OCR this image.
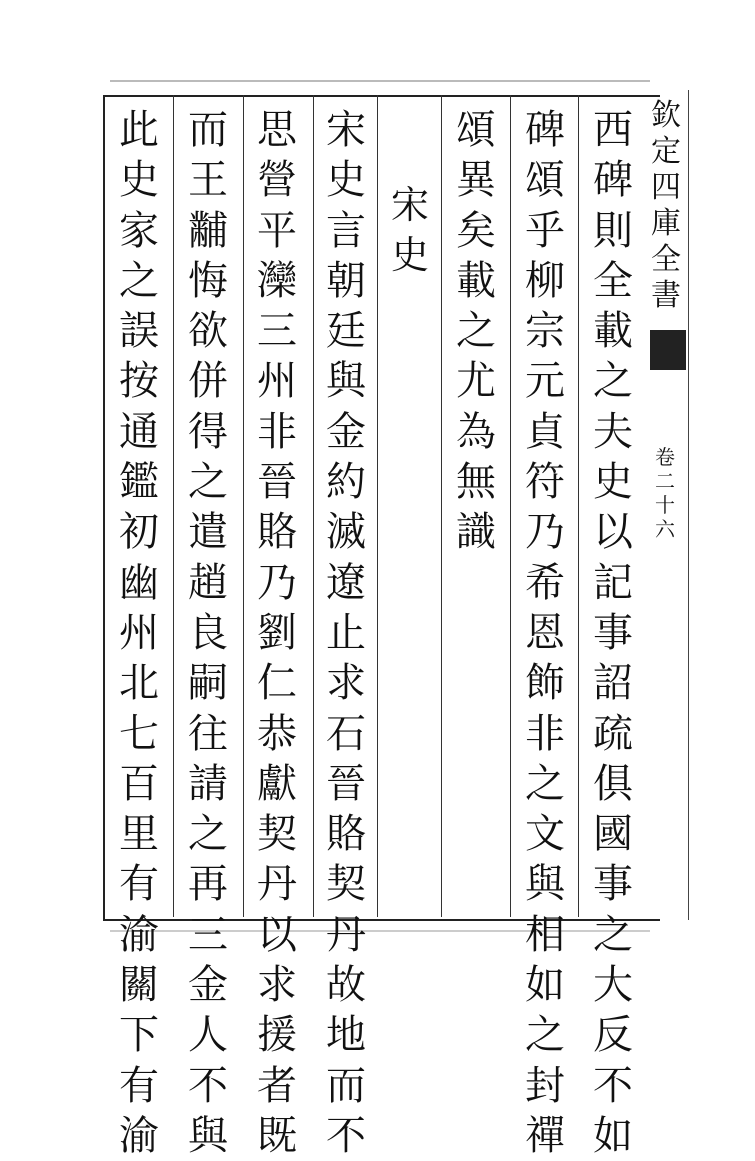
欽
定
四
庫
全
書
卷
二
十
六
西
碑
則
全
載
之
夫
史
以
記
事
詔
疏
俱
國
事
之
大
反
不
如
碑
頌
乎
柳
宗
元
貞
符
乃
希
恩
飾
非
之
文
與
相
如
之
封
禪
頌
異
矣
載
之
尤
為
無
識
宋
史
宋
史
言
朝
廷
與
金
約
滅
遼
止
求
石
晉
賂
契
丹
故
地
而
不
思
營
平
灤
三
州
非
晉
賂
乃
劉
仁
恭
獻
契
丹
以
求
援
者
既
而
王
黼
悔
欲
併
得
之
遣
趙
良
嗣
往
請
之
再
三
金
人
不
與
此
史
家
之
誤
按
通
鑑
初
幽
州
北
七
百
里
有
渝
關
下
有
渝
